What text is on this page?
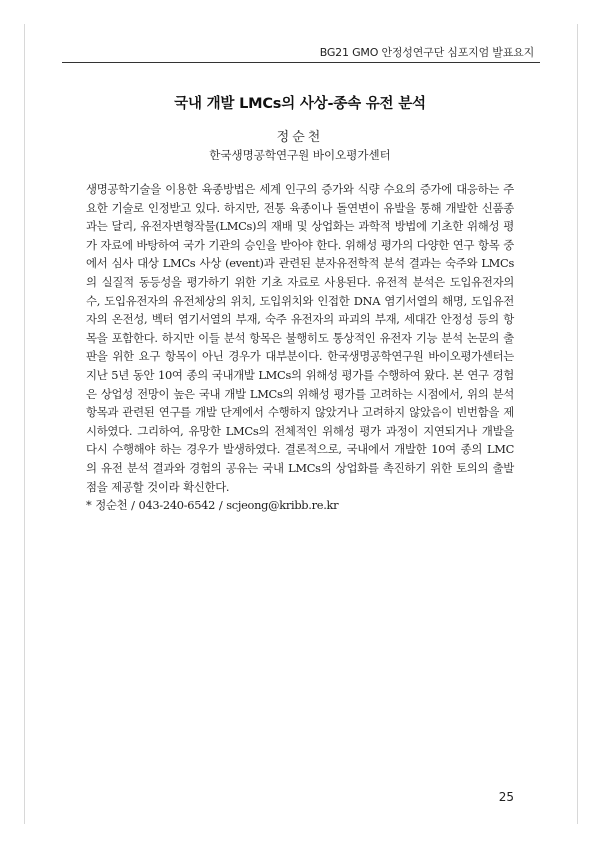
BG21 GMO 안정성연구단 심포지엄 발표요지
국내 개발 LMCs의 사상-종속 유전 분석
정순천
한국생명공학연구원 바이오평가센터

생명공학기술을 이용한 육종방법은 세계 인구의 증가와 식량 수요의 증가에 대응하는 주요한 기술로 인정받고 있다. 하지만, 전통 육종이나 돌연변이 유발을 통해 개발한 신품종과는 달리, 유전자변형작물(LMCs)의 재배 및 상업화는 과학적 방법에 기초한 위해성 평가 자료에 바탕하여 국가 기관의 승인을 받아야 한다. 위해성 평가의 다양한 연구 항목 중에서 심사 대상 LMCs 사상 (event)과 관련된 분자유전학적 분석 결과는 숙주와 LMCs의 실질적 동등성을 평가하기 위한 기초 자료로 사용된다. 유전적 분석은 도입유전자의 수, 도입유전자의 유전체상의 위치, 도입위치와 인접한 DNA 염기서열의 해명, 도입유전자의 온전성, 벡터 염기서열의 부재, 숙주 유전자의 파괴의 부재, 세대간 안정성 등의 항목을 포함한다. 하지만 이들 분석 항목은 불행히도 통상적인 유전자 기능 분석 논문의 출판을 위한 요구 항목이 아닌 경우가 대부분이다. 한국생명공학연구원 바이오평가센터는 지난 5년 동안 10여 종의 국내개발 LMCs의 위해성 평가를 수행하여 왔다. 본 연구 경험은 상업성 전망이 높은 국내 개발 LMCs의 위해성 평가를 고려하는 시점에서, 위의 분석 항목과 관련된 연구를 개발 단계에서 수행하지 않았거나 고려하지 않았음이 빈번함을 제시하였다. 그리하여, 유망한 LMCs의 전체적인 위해성 평가 과정이 지연되거나 개발을 다시 수행해야 하는 경우가 발생하였다. 결론적으로, 국내에서 개발한 10여 종의 LMC의 유전 분석 결과와 경험의 공유는 국내 LMCs의 상업화를 촉진하기 위한 토의의 출발점을 제공할 것이라 확신한다.

* 정순천 / 043-240-6542 / scjeong@kribb.re.kr
25
